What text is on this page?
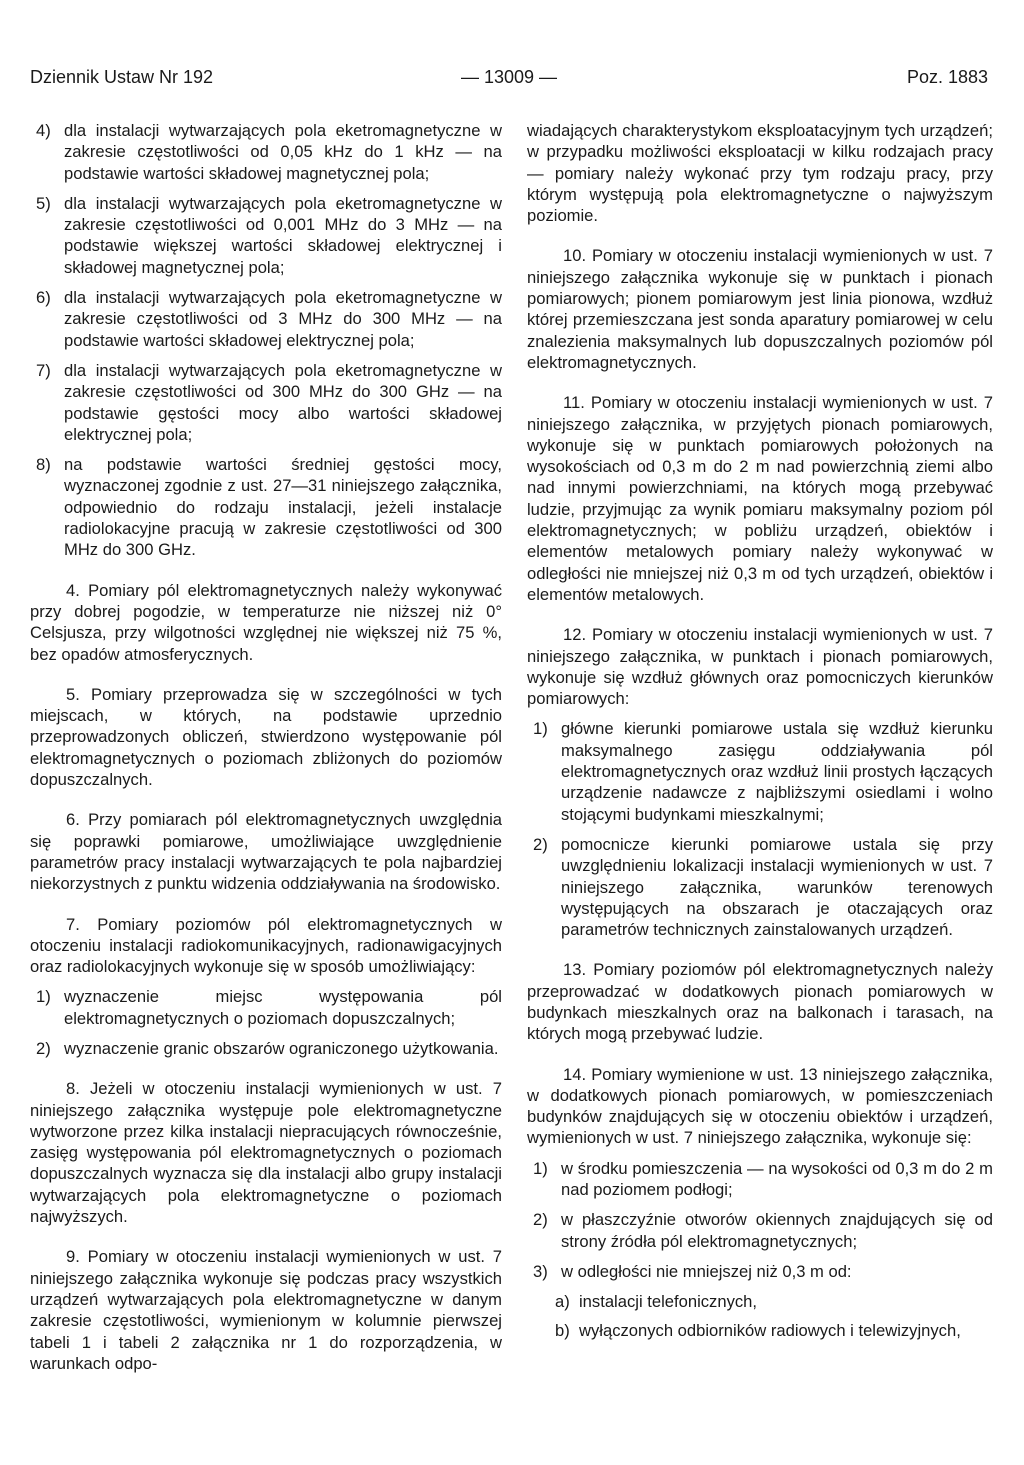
Dziennik Ustaw Nr 192	— 13009 —	Poz. 1883
4) dla instalacji wytwarzających pola eketromagnetyczne w zakresie częstotliwości od 0,05 kHz do 1 kHz — na podstawie wartości składowej magnetycznej pola;
5) dla instalacji wytwarzających pola eketromagnetyczne w zakresie częstotliwości od 0,001 MHz do 3 MHz — na podstawie większej wartości składowej elektrycznej i składowej magnetycznej pola;
6) dla instalacji wytwarzających pola eketromagnetyczne w zakresie częstotliwości od 3 MHz do 300 MHz — na podstawie wartości składowej elektrycznej pola;
7) dla instalacji wytwarzających pola eketromagnetyczne w zakresie częstotliwości od 300 MHz do 300 GHz — na podstawie gęstości mocy albo wartości składowej elektrycznej pola;
8) na podstawie wartości średniej gęstości mocy, wyznaczonej zgodnie z ust. 27—31 niniejszego załącznika, odpowiednio do rodzaju instalacji, jeżeli instalacje radiolokacyjne pracują w zakresie częstotliwości od 300 MHz do 300 GHz.

4. Pomiary pól elektromagnetycznych należy wykonywać przy dobrej pogodzie, w temperaturze nie niższej niż 0° Celsjusza, przy wilgotności względnej nie większej niż 75 %, bez opadów atmosferycznych.

5. Pomiary przeprowadza się w szczególności w tych miejscach, w których, na podstawie uprzednio przeprowadzonych obliczeń, stwierdzono występowanie pól elektromagnetycznych o poziomach zbliżonych do poziomów dopuszczalnych.

6. Przy pomiarach pól elektromagnetycznych uwzględnia się poprawki pomiarowe, umożliwiające uwzględnienie parametrów pracy instalacji wytwarzających te pola najbardziej niekorzystnych z punktu widzenia oddziaływania na środowisko.

7. Pomiary poziomów pól elektromagnetycznych w otoczeniu instalacji radiokomunikacyjnych, radionawigacyjnych oraz radiolokacyjnych wykonuje się w sposób umożliwiający:

1) wyznaczenie miejsc występowania pól elektromagnetycznych o poziomach dopuszczalnych;
2) wyznaczenie granic obszarów ograniczonego użytkowania.

8. Jeżeli w otoczeniu instalacji wymienionych w ust. 7 niniejszego załącznika występuje pole elektromagnetyczne wytworzone przez kilka instalacji niepracujących równocześnie, zasięg występowania pól elektromagnetycznych o poziomach dopuszczalnych wyznacza się dla instalacji albo grupy instalacji wytwarzających pola elektromagnetyczne o poziomach najwyższych.

9. Pomiary w otoczeniu instalacji wymienionych w ust. 7 niniejszego załącznika wykonuje się podczas pracy wszystkich urządzeń wytwarzających pola elektromagnetyczne w danym zakresie częstotliwości, wymienionym w kolumnie pierwszej tabeli 1 i tabeli 2 załącznika nr 1 do rozporządzenia, w warunkach odpo-

wiadających charakterystykom eksploatacyjnym tych urządzeń; w przypadku możliwości eksploatacji w kilku rodzajach pracy — pomiary należy wykonać przy tym rodzaju pracy, przy którym występują pola elektromagnetyczne o najwyższym poziomie.

10. Pomiary w otoczeniu instalacji wymienionych w ust. 7 niniejszego załącznika wykonuje się w punktach i pionach pomiarowych; pionem pomiarowym jest linia pionowa, wzdłuż której przemieszczana jest sonda aparatury pomiarowej w celu znalezienia maksymalnych lub dopuszczalnych poziomów pól elektromagnetycznych.

11. Pomiary w otoczeniu instalacji wymienionych w ust. 7 niniejszego załącznika, w przyjętych pionach pomiarowych, wykonuje się w punktach pomiarowych położonych na wysokościach od 0,3 m do 2 m nad powierzchnią ziemi albo nad innymi powierzchniami, na których mogą przebywać ludzie, przyjmując za wynik pomiaru maksymalny poziom pól elektromagnetycznych; w pobliżu urządzeń, obiektów i elementów metalowych pomiary należy wykonywać w odległości nie mniejszej niż 0,3 m od tych urządzeń, obiektów i elementów metalowych.

12. Pomiary w otoczeniu instalacji wymienionych w ust. 7 niniejszego załącznika, w punktach i pionach pomiarowych, wykonuje się wzdłuż głównych oraz pomocniczych kierunków pomiarowych:

1) główne kierunki pomiarowe ustala się wzdłuż kierunku maksymalnego zasięgu oddziaływania pól elektromagnetycznych oraz wzdłuż linii prostych łączących urządzenie nadawcze z najbliższymi osiedlami i wolno stojącymi budynkami mieszkalnymi;
2) pomocnicze kierunki pomiarowe ustala się przy uwzględnieniu lokalizacji instalacji wymienionych w ust. 7 niniejszego załącznika, warunków terenowych występujących na obszarach je otaczających oraz parametrów technicznych zainstalowanych urządzeń.

13. Pomiary poziomów pól elektromagnetycznych należy przeprowadzać w dodatkowych pionach pomiarowych w budynkach mieszkalnych oraz na balkonach i tarasach, na których mogą przebywać ludzie.

14. Pomiary wymienione w ust. 13 niniejszego załącznika, w dodatkowych pionach pomiarowych, w pomieszczeniach budynków znajdujących się w otoczeniu obiektów i urządzeń, wymienionych w ust. 7 niniejszego załącznika, wykonuje się:

1) w środku pomieszczenia — na wysokości od 0,3 m do 2 m nad poziomem podłogi;
2) w płaszczyźnie otworów okiennych znajdujących się od strony źródła pól elektromagnetycznych;
3) w odległości nie mniejszej niż 0,3 m od:
a) instalacji telefonicznych,
b) wyłączonych odbiorników radiowych i telewizyjnych,
